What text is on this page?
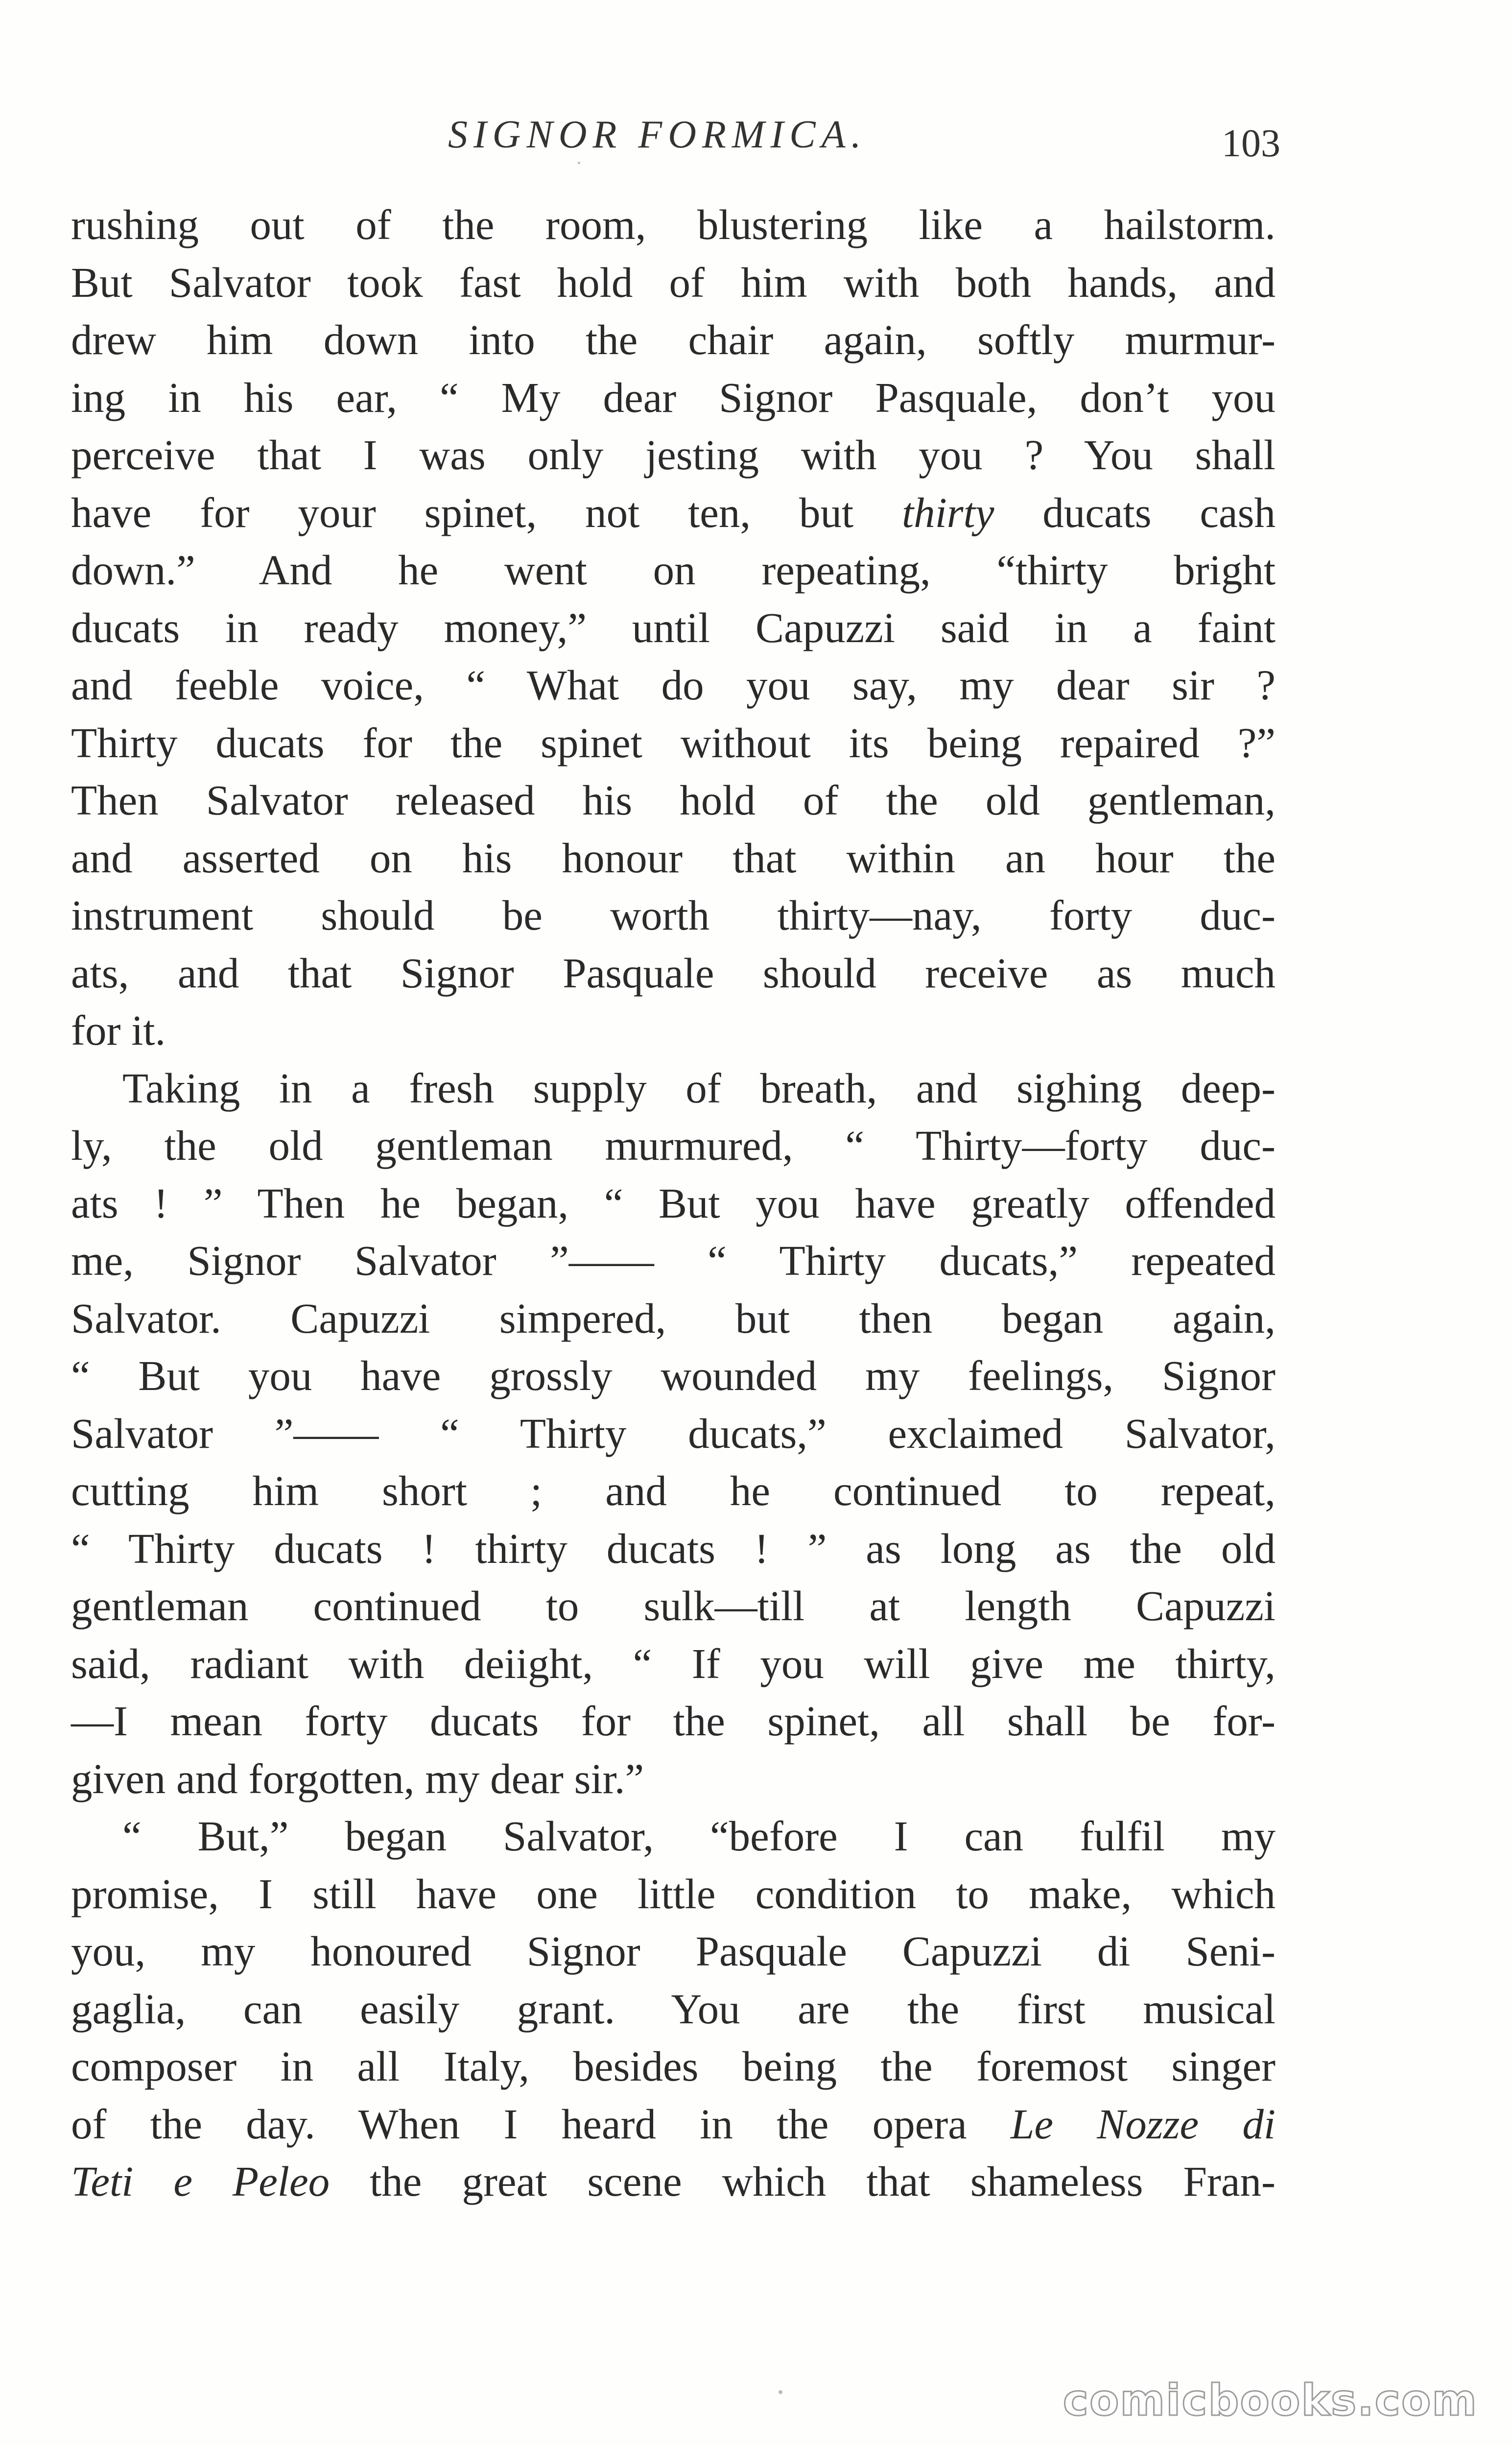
SIGNOR FORMICA.	103
rushing out of the room, blustering like a hailstorm.
But Salvator took fast hold of him with both hands, and
drew him down into the chair again, softly murmur-
ing in his ear, “ My dear Signor Pasquale, don’t you
perceive that I was only jesting with you ? You shall
have for your spinet, not ten, but thirty ducats cash
down.” And he went on repeating, “thirty bright
ducats in ready money,” until Capuzzi said in a faint
and feeble voice, “ What do you say, my dear sir ?
Thirty ducats for the spinet without its being repaired ?”
Then Salvator released his hold of the old gentleman,
and asserted on his honour that within an hour the
instrument should be worth thirty—nay, forty duc-
ats, and that Signor Pasquale should receive as much
for it.
Taking in a fresh supply of breath, and sighing deep-
ly, the old gentleman murmured, “ Thirty—forty duc-
ats ! ” Then he began, “ But you have greatly offended
me, Signor Salvator ”—— “ Thirty ducats,” repeated
Salvator. Capuzzi simpered, but then began again,
“ But you have grossly wounded my feelings, Signor
Salvator ”—— “ Thirty ducats,” exclaimed Salvator,
cutting him short ; and he continued to repeat,
“ Thirty ducats ! thirty ducats ! ” as long as the old
gentleman continued to sulk—till at length Capuzzi
said, radiant with deiight, “ If you will give me thirty,
—I mean forty ducats for the spinet, all shall be for-
given and forgotten, my dear sir.”
“ But,” began Salvator, “before I can fulfil my
promise, I still have one little condition to make, which
you, my honoured Signor Pasquale Capuzzi di Seni-
gaglia, can easily grant. You are the first musical
composer in all Italy, besides being the foremost singer
of the day. When I heard in the opera Le Nozze di
Teti e Peleo the great scene which that shameless Fran-
comicbooks.com
